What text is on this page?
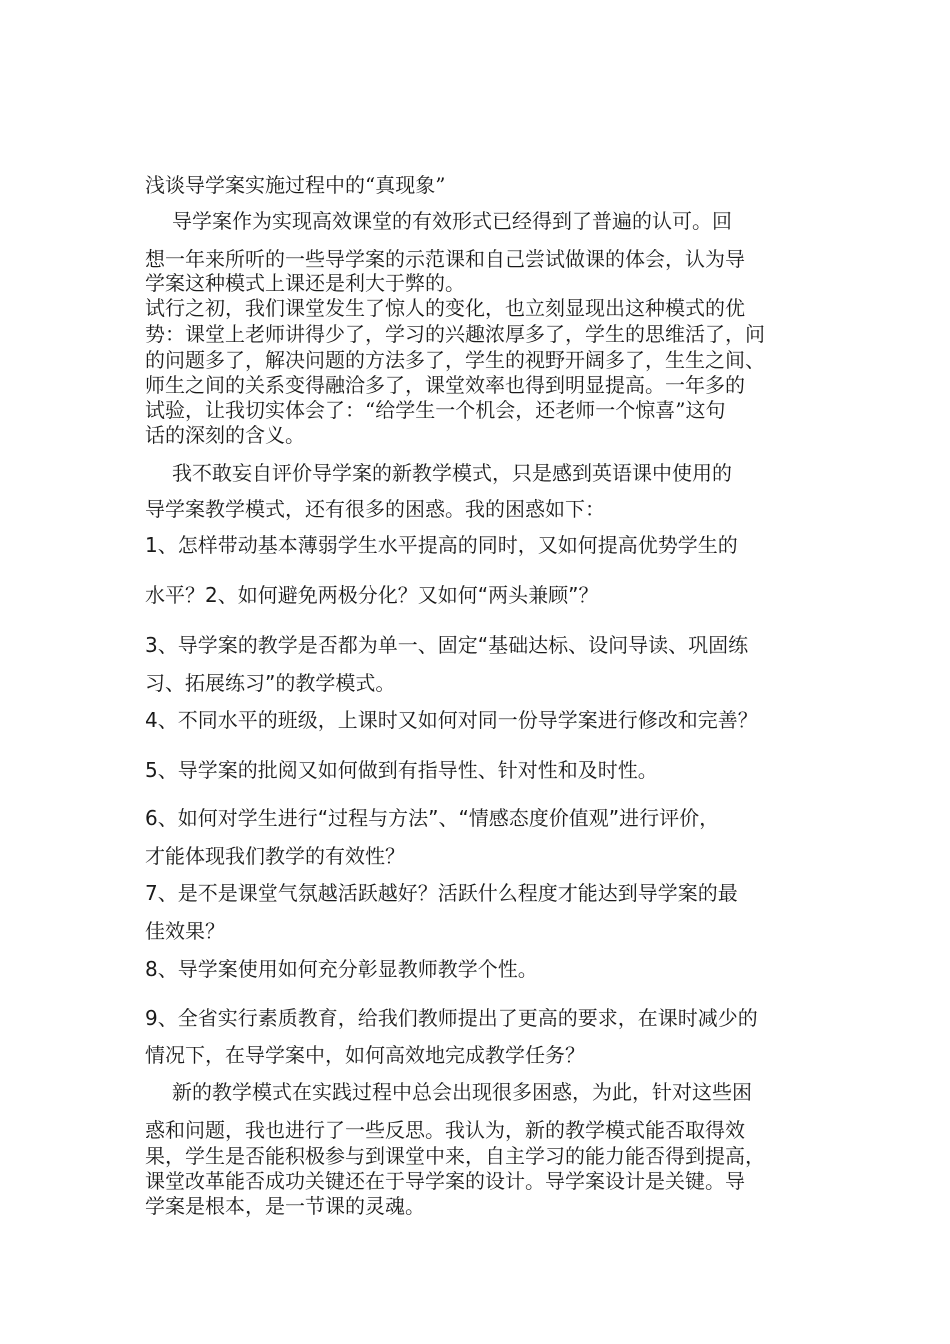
浅谈导学案实施过程中的“真现象”

导学案作为实现高效课堂的有效形式已经得到了普遍的认可。回

想一年来所听的一些导学案的示范课和自己尝试做课的体会，认为导

学案这种模式上课还是利大于弊的。

试行之初，我们课堂发生了惊人的变化，也立刻显现出这种模式的优

势：课堂上老师讲得少了，学习的兴趣浓厚多了，学生的思维活了，问

的问题多了，解决问题的方法多了，学生的视野开阔多了，生生之间、

师生之间的关系变得融洽多了，课堂效率也得到明显提高。一年多的

试验，让我切实体会了：“给学生一个机会，还老师一个惊喜”这句

话的深刻的含义。

我不敢妄自评价导学案的新教学模式，只是感到英语课中使用的

导学案教学模式，还有很多的困惑。我的困惑如下：

1、怎样带动基本薄弱学生水平提高的同时，又如何提高优势学生的

水平？2、如何避免两极分化？又如何“两头兼顾”？

3、导学案的教学是否都为单一、固定“基础达标、设问导读、巩固练

习、拓展练习”的教学模式。

4、不同水平的班级，上课时又如何对同一份导学案进行修改和完善？

5、导学案的批阅又如何做到有指导性、针对性和及时性。

6、如何对学生进行“过程与方法”、“情感态度价值观”进行评价，

才能体现我们教学的有效性？

7、是不是课堂气氛越活跃越好？活跃什么程度才能达到导学案的最

佳效果？

8、导学案使用如何充分彰显教师教学个性。

9、全省实行素质教育，给我们教师提出了更高的要求，在课时减少的

情况下，在导学案中，如何高效地完成教学任务？

新的教学模式在实践过程中总会出现很多困惑，为此，针对这些困

惑和问题，我也进行了一些反思。我认为，新的教学模式能否取得效

果，学生是否能积极参与到课堂中来，自主学习的能力能否得到提高，

课堂改革能否成功关键还在于导学案的设计。导学案设计是关键。导

学案是根本，是一节课的灵魂。
